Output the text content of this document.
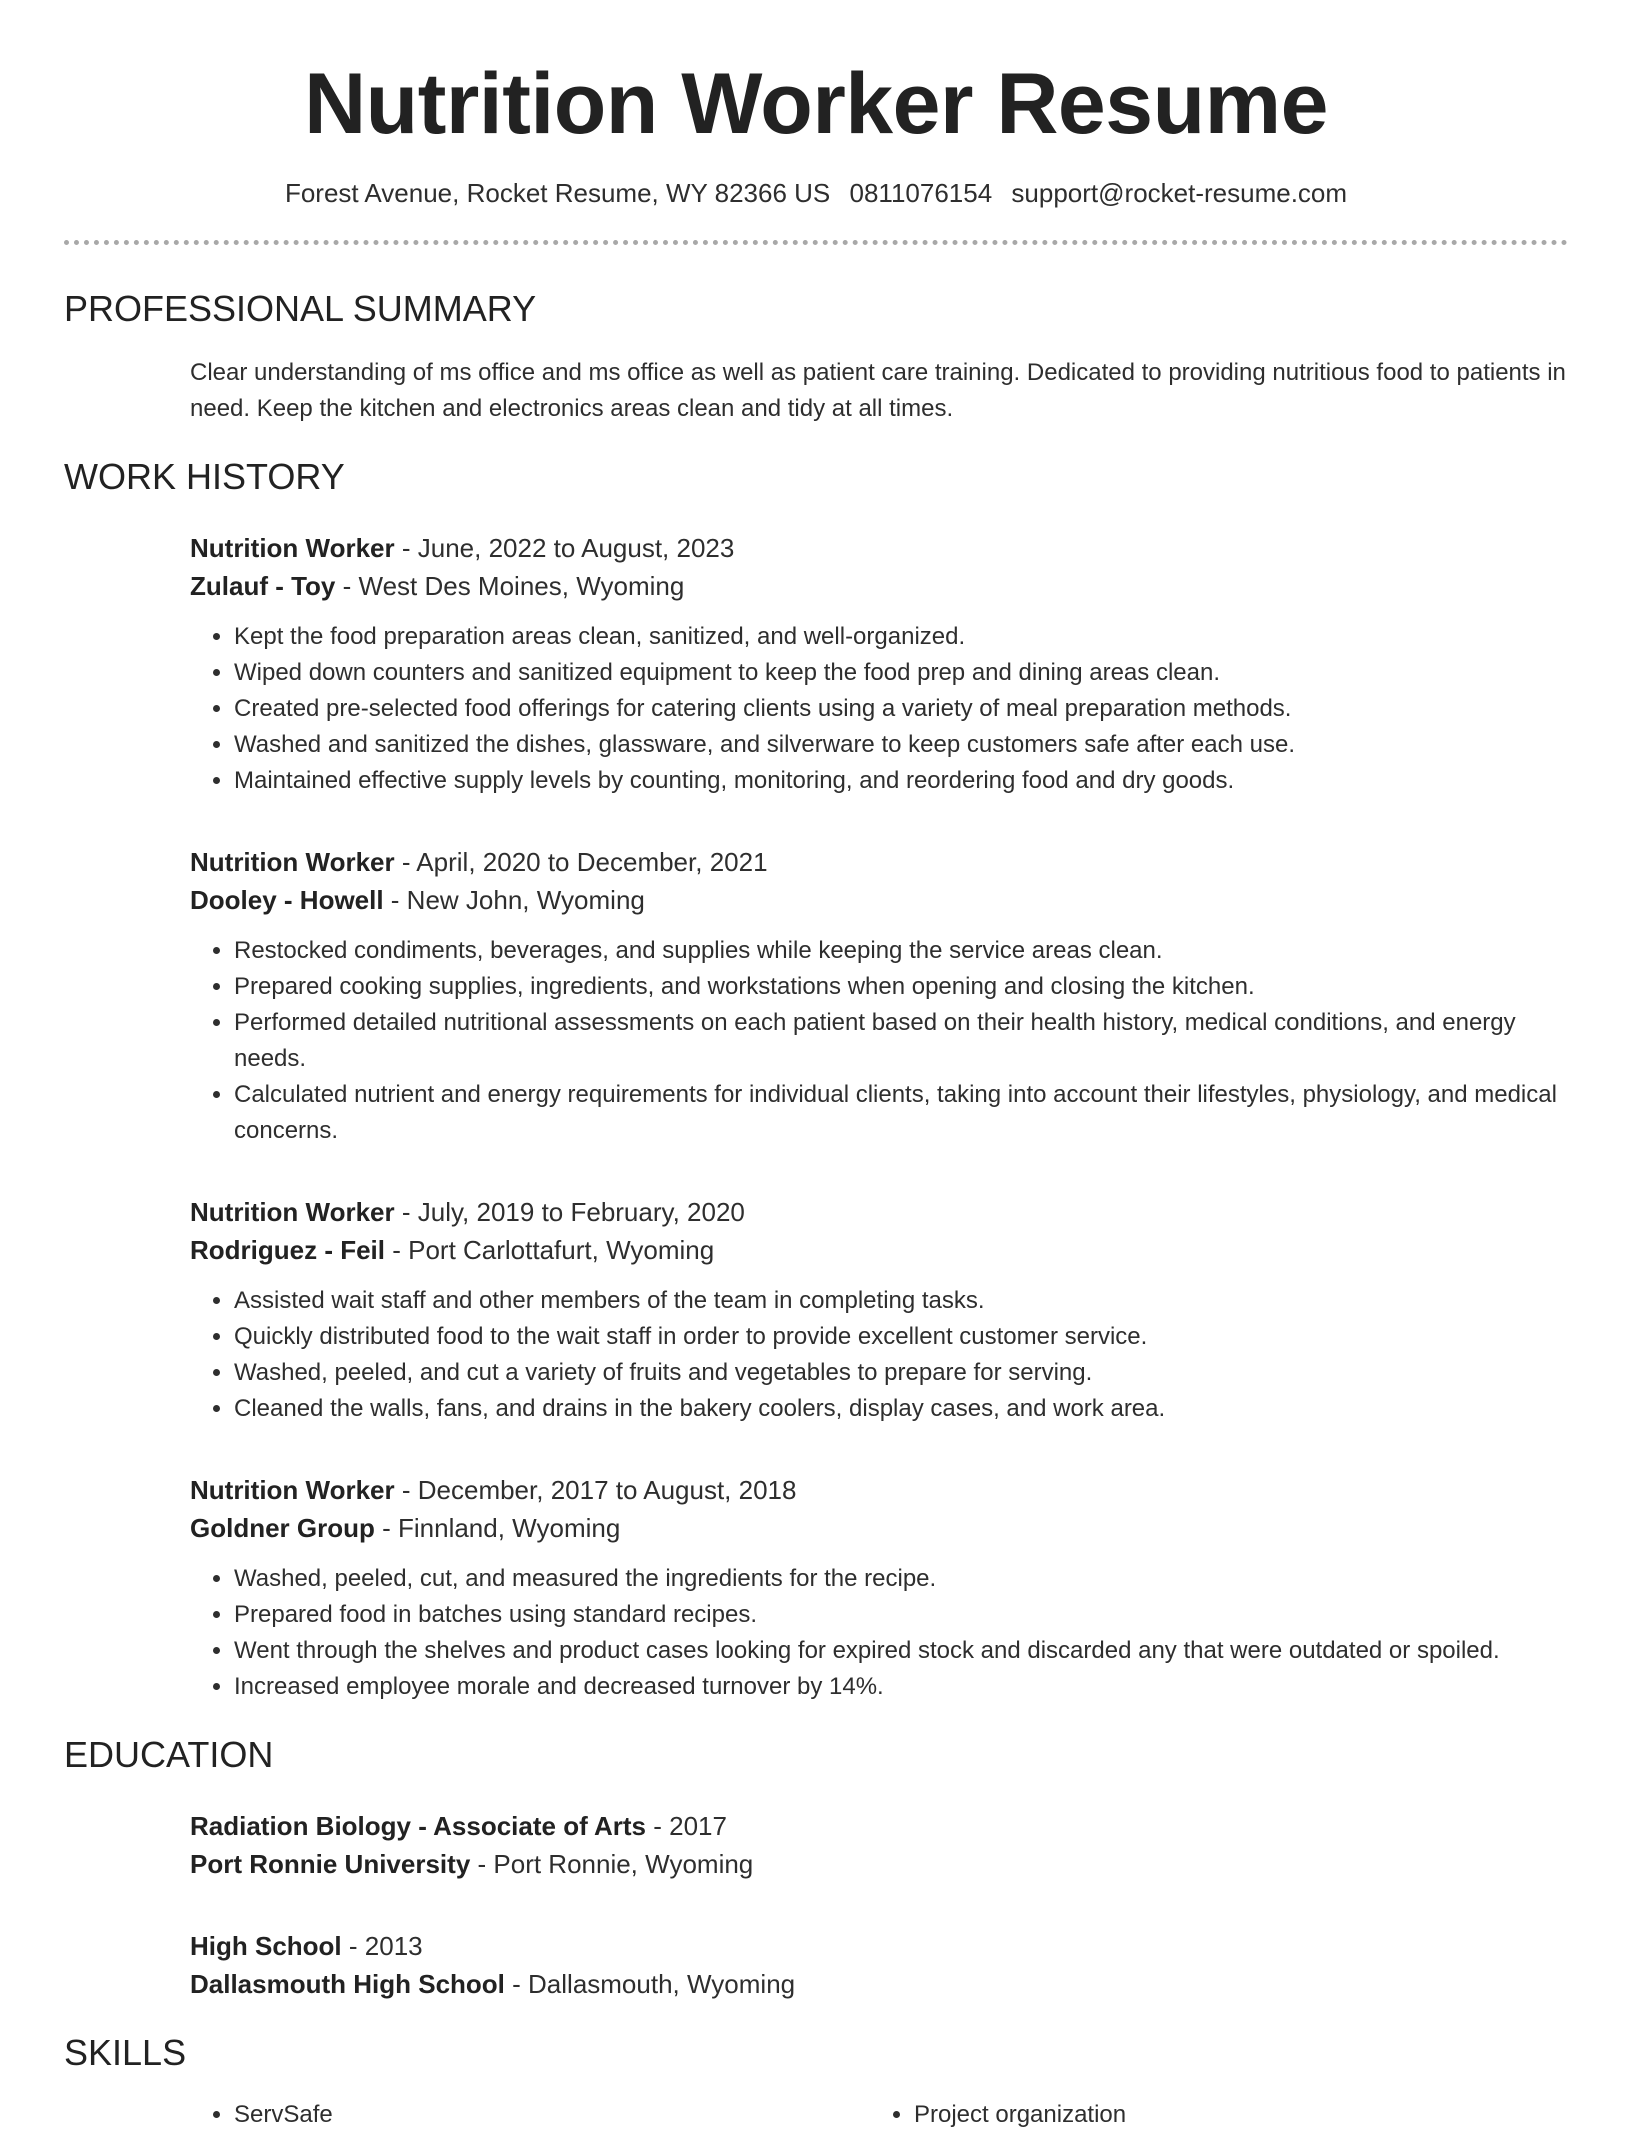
Nutrition Worker Resume
Forest Avenue, Rocket Resume, WY 82366 US 0811076154 support@rocket-resume.com
PROFESSIONAL SUMMARY

Clear understanding of ms office and ms office as well as patient care training. Dedicated to providing nutritious food to patients in need. Keep the kitchen and electronics areas clean and tidy at all times.

WORK HISTORY
Nutrition Worker - June, 2022 to August, 2023
Zulauf - Toy - West Des Moines, Wyoming
• Kept the food preparation areas clean, sanitized, and well-organized.
• Wiped down counters and sanitized equipment to keep the food prep and dining areas clean.
• Created pre-selected food offerings for catering clients using a variety of meal preparation methods.
• Washed and sanitized the dishes, glassware, and silverware to keep customers safe after each use.
• Maintained effective supply levels by counting, monitoring, and reordering food and dry goods.
Nutrition Worker - April, 2020 to December, 2021
Dooley - Howell - New John, Wyoming
• Restocked condiments, beverages, and supplies while keeping the service areas clean.
• Prepared cooking supplies, ingredients, and workstations when opening and closing the kitchen.
• Performed detailed nutritional assessments on each patient based on their health history, medical conditions, and energy needs.
• Calculated nutrient and energy requirements for individual clients, taking into account their lifestyles, physiology, and medical concerns.
Nutrition Worker - July, 2019 to February, 2020
Rodriguez - Feil - Port Carlottafurt, Wyoming
• Assisted wait staff and other members of the team in completing tasks.
• Quickly distributed food to the wait staff in order to provide excellent customer service.
• Washed, peeled, and cut a variety of fruits and vegetables to prepare for serving.
• Cleaned the walls, fans, and drains in the bakery coolers, display cases, and work area.
Nutrition Worker - December, 2017 to August, 2018
Goldner Group - Finnland, Wyoming
• Washed, peeled, cut, and measured the ingredients for the recipe.
• Prepared food in batches using standard recipes.
• Went through the shelves and product cases looking for expired stock and discarded any that were outdated or spoiled.
• Increased employee morale and decreased turnover by 14%.
EDUCATION
Radiation Biology - Associate of Arts - 2017
Port Ronnie University - Port Ronnie, Wyoming
High School - 2013
Dallasmouth High School - Dallasmouth, Wyoming
SKILLS
• ServSafe
•	Project organization
